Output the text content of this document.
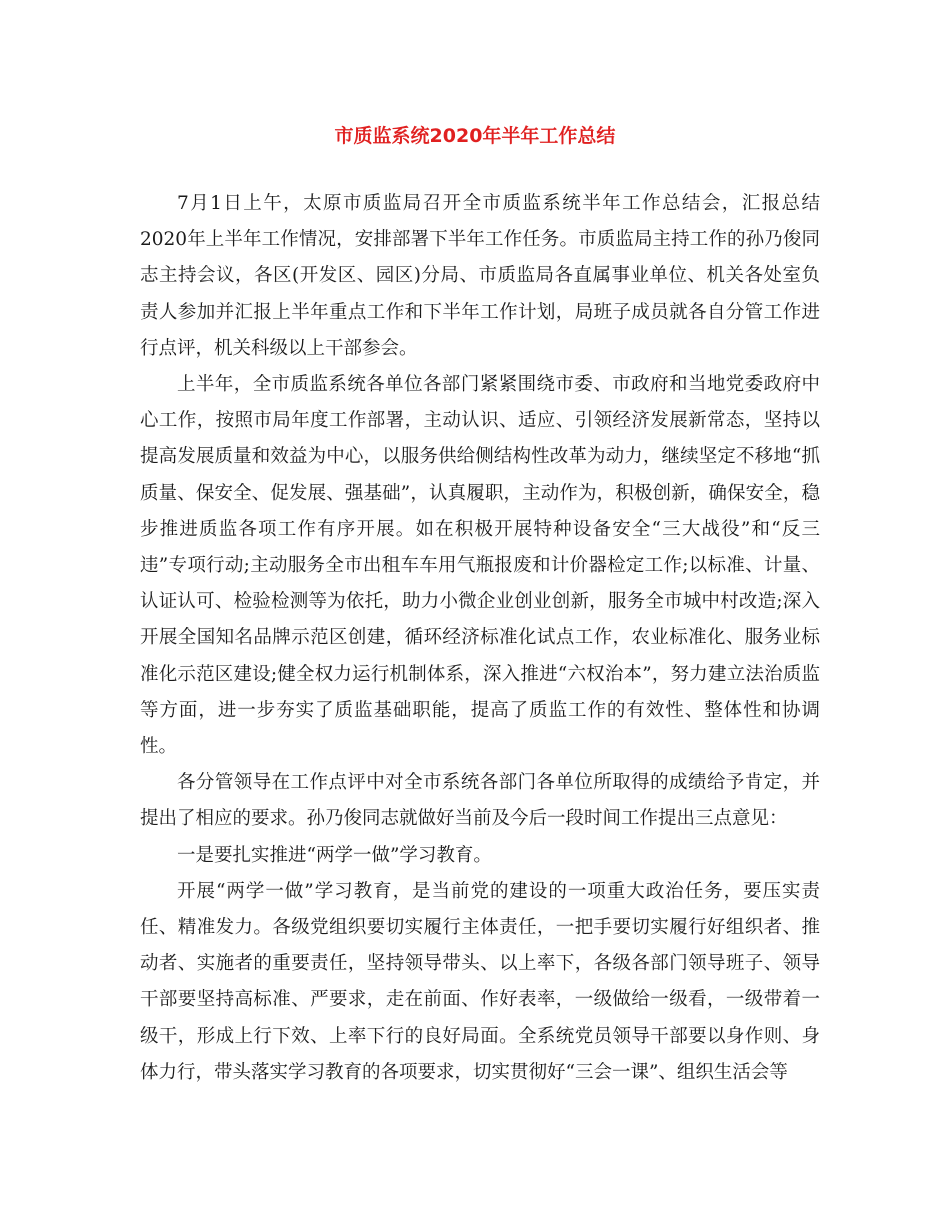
市质监系统2020年半年工作总结

7月1日上午，太原市质监局召开全市质监系统半年工作总结会，汇报总结2020年上半年工作情况，安排部署下半年工作任务。市质监局主持工作的孙乃俊同志主持会议，各区(开发区、园区)分局、市质监局各直属事业单位、机关各处室负责人参加并汇报上半年重点工作和下半年工作计划，局班子成员就各自分管工作进行点评，机关科级以上干部参会。

上半年，全市质监系统各单位各部门紧紧围绕市委、市政府和当地党委政府中心工作，按照市局年度工作部署，主动认识、适应、引领经济发展新常态，坚持以提高发展质量和效益为中心，以服务供给侧结构性改革为动力，继续坚定不移地“抓质量、保安全、促发展、强基础”，认真履职，主动作为，积极创新，确保安全，稳步推进质监各项工作有序开展。如在积极开展特种设备安全“三大战役”和“反三违”专项行动;主动服务全市出租车车用气瓶报废和计价器检定工作;以标准、计量、认证认可、检验检测等为依托，助力小微企业创业创新，服务全市城中村改造;深入开展全国知名品牌示范区创建，循环经济标准化试点工作，农业标准化、服务业标准化示范区建设;健全权力运行机制体系，深入推进“六权治本”，努力建立法治质监等方面，进一步夯实了质监基础职能，提高了质监工作的有效性、整体性和协调性。

各分管领导在工作点评中对全市系统各部门各单位所取得的成绩给予肯定，并提出了相应的要求。孙乃俊同志就做好当前及今后一段时间工作提出三点意见：

一是要扎实推进“两学一做”学习教育。

开展“两学一做”学习教育，是当前党的建设的一项重大政治任务，要压实责任、精准发力。各级党组织要切实履行主体责任，一把手要切实履行好组织者、推动者、实施者的重要责任，坚持领导带头、以上率下，各级各部门领导班子、领导干部要坚持高标准、严要求，走在前面、作好表率，一级做给一级看，一级带着一级干，形成上行下效、上率下行的良好局面。全系统党员领导干部要以身作则、身体力行，带头落实学习教育的各项要求，切实贯彻好“三会一课”、组织生活会等
